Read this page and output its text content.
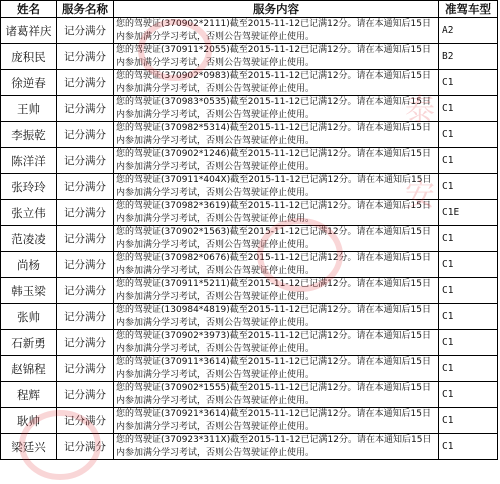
姓名	服务名称	服务内容	准驾车型
诸葛祥庆	记分满分	您的驾驶证(370902*2111)截至2015-11-12已记满12分。请在本通知后15日内参加满分学习考试，否则公告驾驶证停止使用。	A2
庞积民	记分满分	您的驾驶证(370911*2055)截至2015-11-12已记满12分。请在本通知后15日内参加满分学习考试，否则公告驾驶证停止使用。	B2
徐逆春	记分满分	您的驾驶证(370902*0983)截至2015-11-12已记满12分。请在本通知后15日内参加满分学习考试，否则公告驾驶证停止使用。	C1
王帅	记分满分	您的驾驶证(370983*0535)截至2015-11-12已记满12分。请在本通知后15日内参加满分学习考试，否则公告驾驶证停止使用。	C1
李振乾	记分满分	您的驾驶证(370982*5314)截至2015-11-12已记满12分。请在本通知后15日内参加满分学习考试，否则公告驾驶证停止使用。	C1
陈洋洋	记分满分	您的驾驶证(370902*1246)截至2015-11-12已记满12分。请在本通知后15日内参加满分学习考试，否则公告驾驶证停止使用。	C1
张玲玲	记分满分	您的驾驶证(370911*404X)截至2015-11-12已记满12分。请在本通知后15日内参加满分学习考试，否则公告驾驶证停止使用。	C1
张立伟	记分满分	您的驾驶证(370982*3619)截至2015-11-12已记满12分。请在本通知后15日内参加满分学习考试，否则公告驾驶证停止使用。	C1E
范凌凌	记分满分	您的驾驶证(370902*1563)截至2015-11-12已记满12分。请在本通知后15日内参加满分学习考试，否则公告驾驶证停止使用。	C1
尚杨	记分满分	您的驾驶证(370982*0676)截至2015-11-12已记满12分。请在本通知后15日内参加满分学习考试，否则公告驾驶证停止使用。	C1
韩玉梁	记分满分	您的驾驶证(370911*5211)截至2015-11-12已记满12分。请在本通知后15日内参加满分学习考试，否则公告驾驶证停止使用。	C1
张帅	记分满分	您的驾驶证(130984*4819)截至2015-11-12已记满12分。请在本通知后15日内参加满分学习考试，否则公告驾驶证停止使用。	C1
石新勇	记分满分	您的驾驶证(370902*3973)截至2015-11-12已记满12分。请在本通知后15日内参加满分学习考试，否则公告驾驶证停止使用。	C1
赵锦程	记分满分	您的驾驶证(370911*3614)截至2015-11-12已记满12分。请在本通知后15日内参加满分学习考试，否则公告驾驶证停止使用。	C1
程辉	记分满分	您的驾驶证(370902*1555)截至2015-11-12已记满12分。请在本通知后15日内参加满分学习考试，否则公告驾驶证停止使用。	C1
耿帅	记分满分	您的驾驶证(370921*3614)截至2015-11-12已记满12分。请在本通知后15日内参加满分学习考试，否则公告驾驶证停止使用。	C1
梁廷兴	记分满分	您的驾驶证(370923*311X)截至2015-11-12已记满12分。请在本通知后15日内参加满分学习考试，否则公告驾驶证停止使用。	C1
泰
安
